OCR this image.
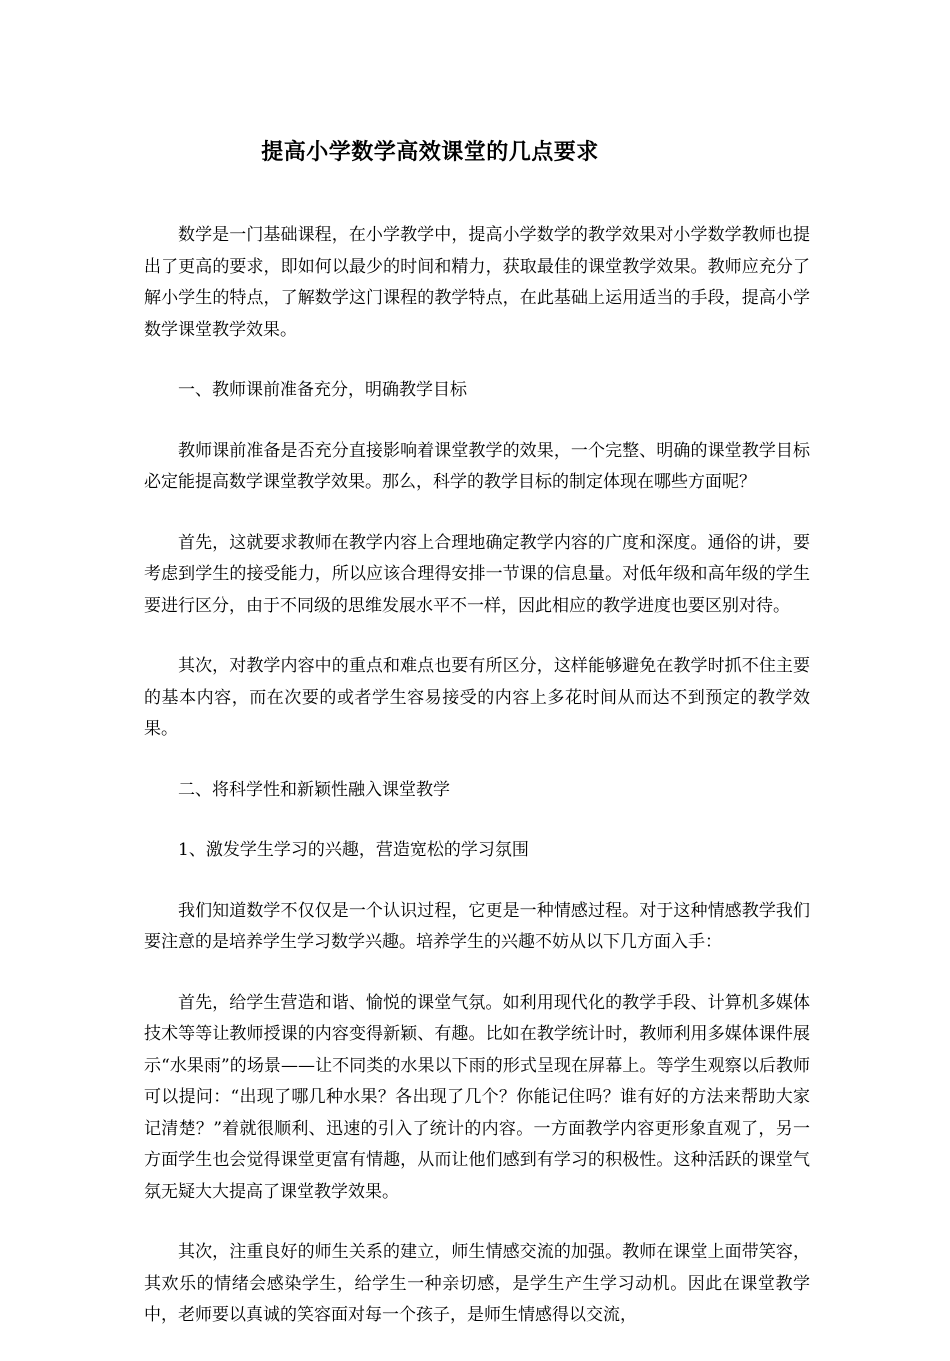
提高小学数学高效课堂的几点要求

数学是一门基础课程，在小学教学中，提高小学数学的教学效果对小学数学教师也提出了更高的要求，即如何以最少的时间和精力，获取最佳的课堂教学效果。教师应充分了解小学生的特点，了解数学这门课程的教学特点，在此基础上运用适当的手段，提高小学数学课堂教学效果。

一、教师课前准备充分，明确教学目标

教师课前准备是否充分直接影响着课堂教学的效果，一个完整、明确的课堂教学目标必定能提高数学课堂教学效果。那么，科学的教学目标的制定体现在哪些方面呢？

首先，这就要求教师在教学内容上合理地确定教学内容的广度和深度。通俗的讲，要考虑到学生的接受能力，所以应该合理得安排一节课的信息量。对低年级和高年级的学生要进行区分，由于不同级的思维发展水平不一样，因此相应的教学进度也要区别对待。

其次，对教学内容中的重点和难点也要有所区分，这样能够避免在教学时抓不住主要的基本内容，而在次要的或者学生容易接受的内容上多花时间从而达不到预定的教学效果。

二、将科学性和新颖性融入课堂教学

1、激发学生学习的兴趣，营造宽松的学习氛围

我们知道数学不仅仅是一个认识过程，它更是一种情感过程。对于这种情感教学我们要注意的是培养学生学习数学兴趣。培养学生的兴趣不妨从以下几方面入手：

首先，给学生营造和谐、愉悦的课堂气氛。如利用现代化的教学手段、计算机多媒体技术等等让教师授课的内容变得新颖、有趣。比如在教学统计时，教师利用多媒体课件展示“水果雨”的场景——让不同类的水果以下雨的形式呈现在屏幕上。等学生观察以后教师可以提问：“出现了哪几种水果？各出现了几个？你能记住吗？谁有好的方法来帮助大家记清楚？”着就很顺利、迅速的引入了统计的内容。一方面教学内容更形象直观了，另一方面学生也会觉得课堂更富有情趣，从而让他们感到有学习的积极性。这种活跃的课堂气氛无疑大大提高了课堂教学效果。

其次，注重良好的师生关系的建立，师生情感交流的加强。教师在课堂上面带笑容，其欢乐的情绪会感染学生，给学生一种亲切感，是学生产生学习动机。因此在课堂教学中，老师要以真诚的笑容面对每一个孩子，是师生情感得以交流，
